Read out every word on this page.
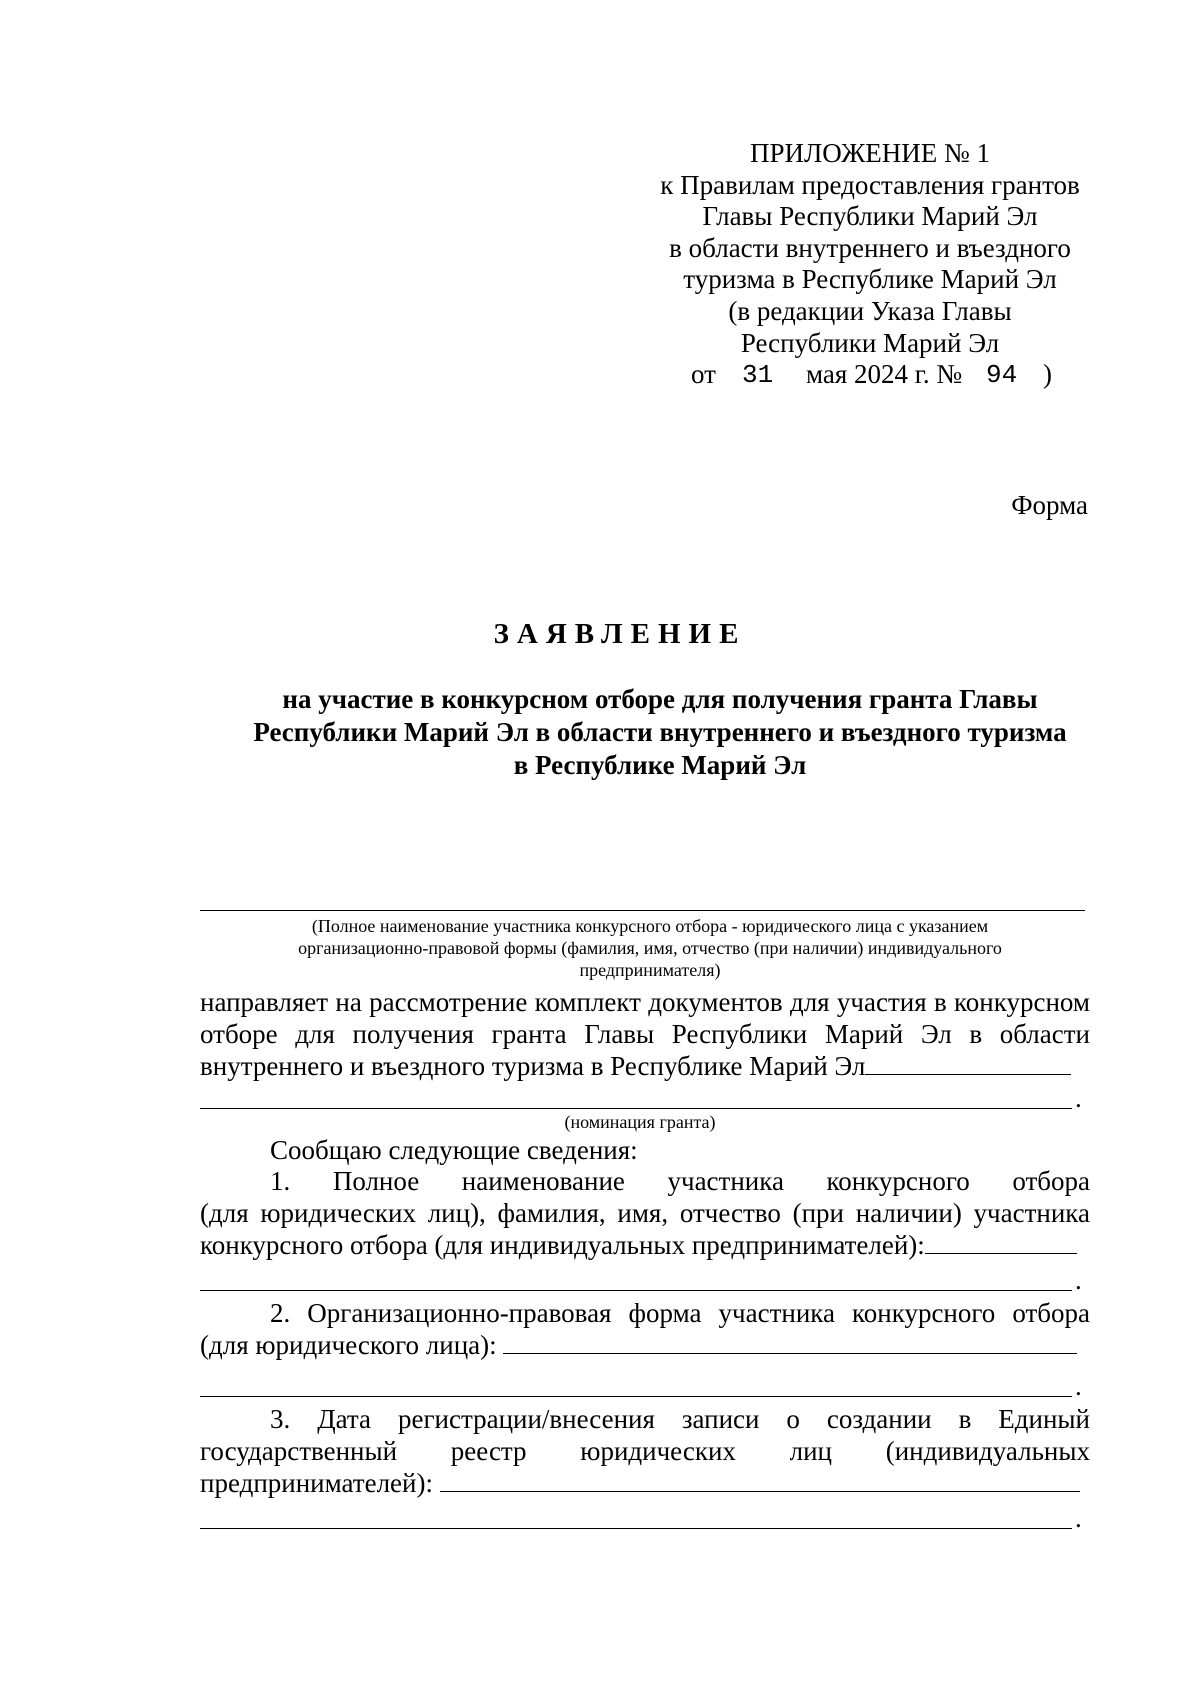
ПРИЛОЖЕНИЕ № 1
к Правилам предоставления грантов
Главы Республики Марий Эл
в области внутреннего и въездного
туризма в Республике Марий Эл
(в редакции Указа Главы
Республики Марий Эл
от 31 мая 2024 г. № 94 )
Форма
ЗАЯВЛЕНИЕ
на участие в конкурсном отборе для получения гранта Главы
Республики Марий Эл в области внутреннего и въездного туризма
в Республике Марий Эл
(Полное наименование участника конкурсного отбора - юридического лица с указанием
организационно-правовой формы (фамилия, имя, отчество (при наличии) индивидуального
предпринимателя)
направляет на рассмотрение комплект документов для участия в конкурсном
отборе для получения гранта Главы Республики Марий Эл в области
внутреннего и въездного туризма в Республике Марий Эл
.
(номинация гранта)
Сообщаю следующие сведения:
1. Полное наименование участника конкурсного отбора
(для юридических лиц), фамилия, имя, отчество (при наличии) участника
конкурсного отбора (для индивидуальных предпринимателей):
.
2. Организационно-правовая форма участника конкурсного отбора
(для юридического лица):
.
3. Дата регистрации/внесения записи о создании в Единый
государственный реестр юридических лиц (индивидуальных
предпринимателей):
.
